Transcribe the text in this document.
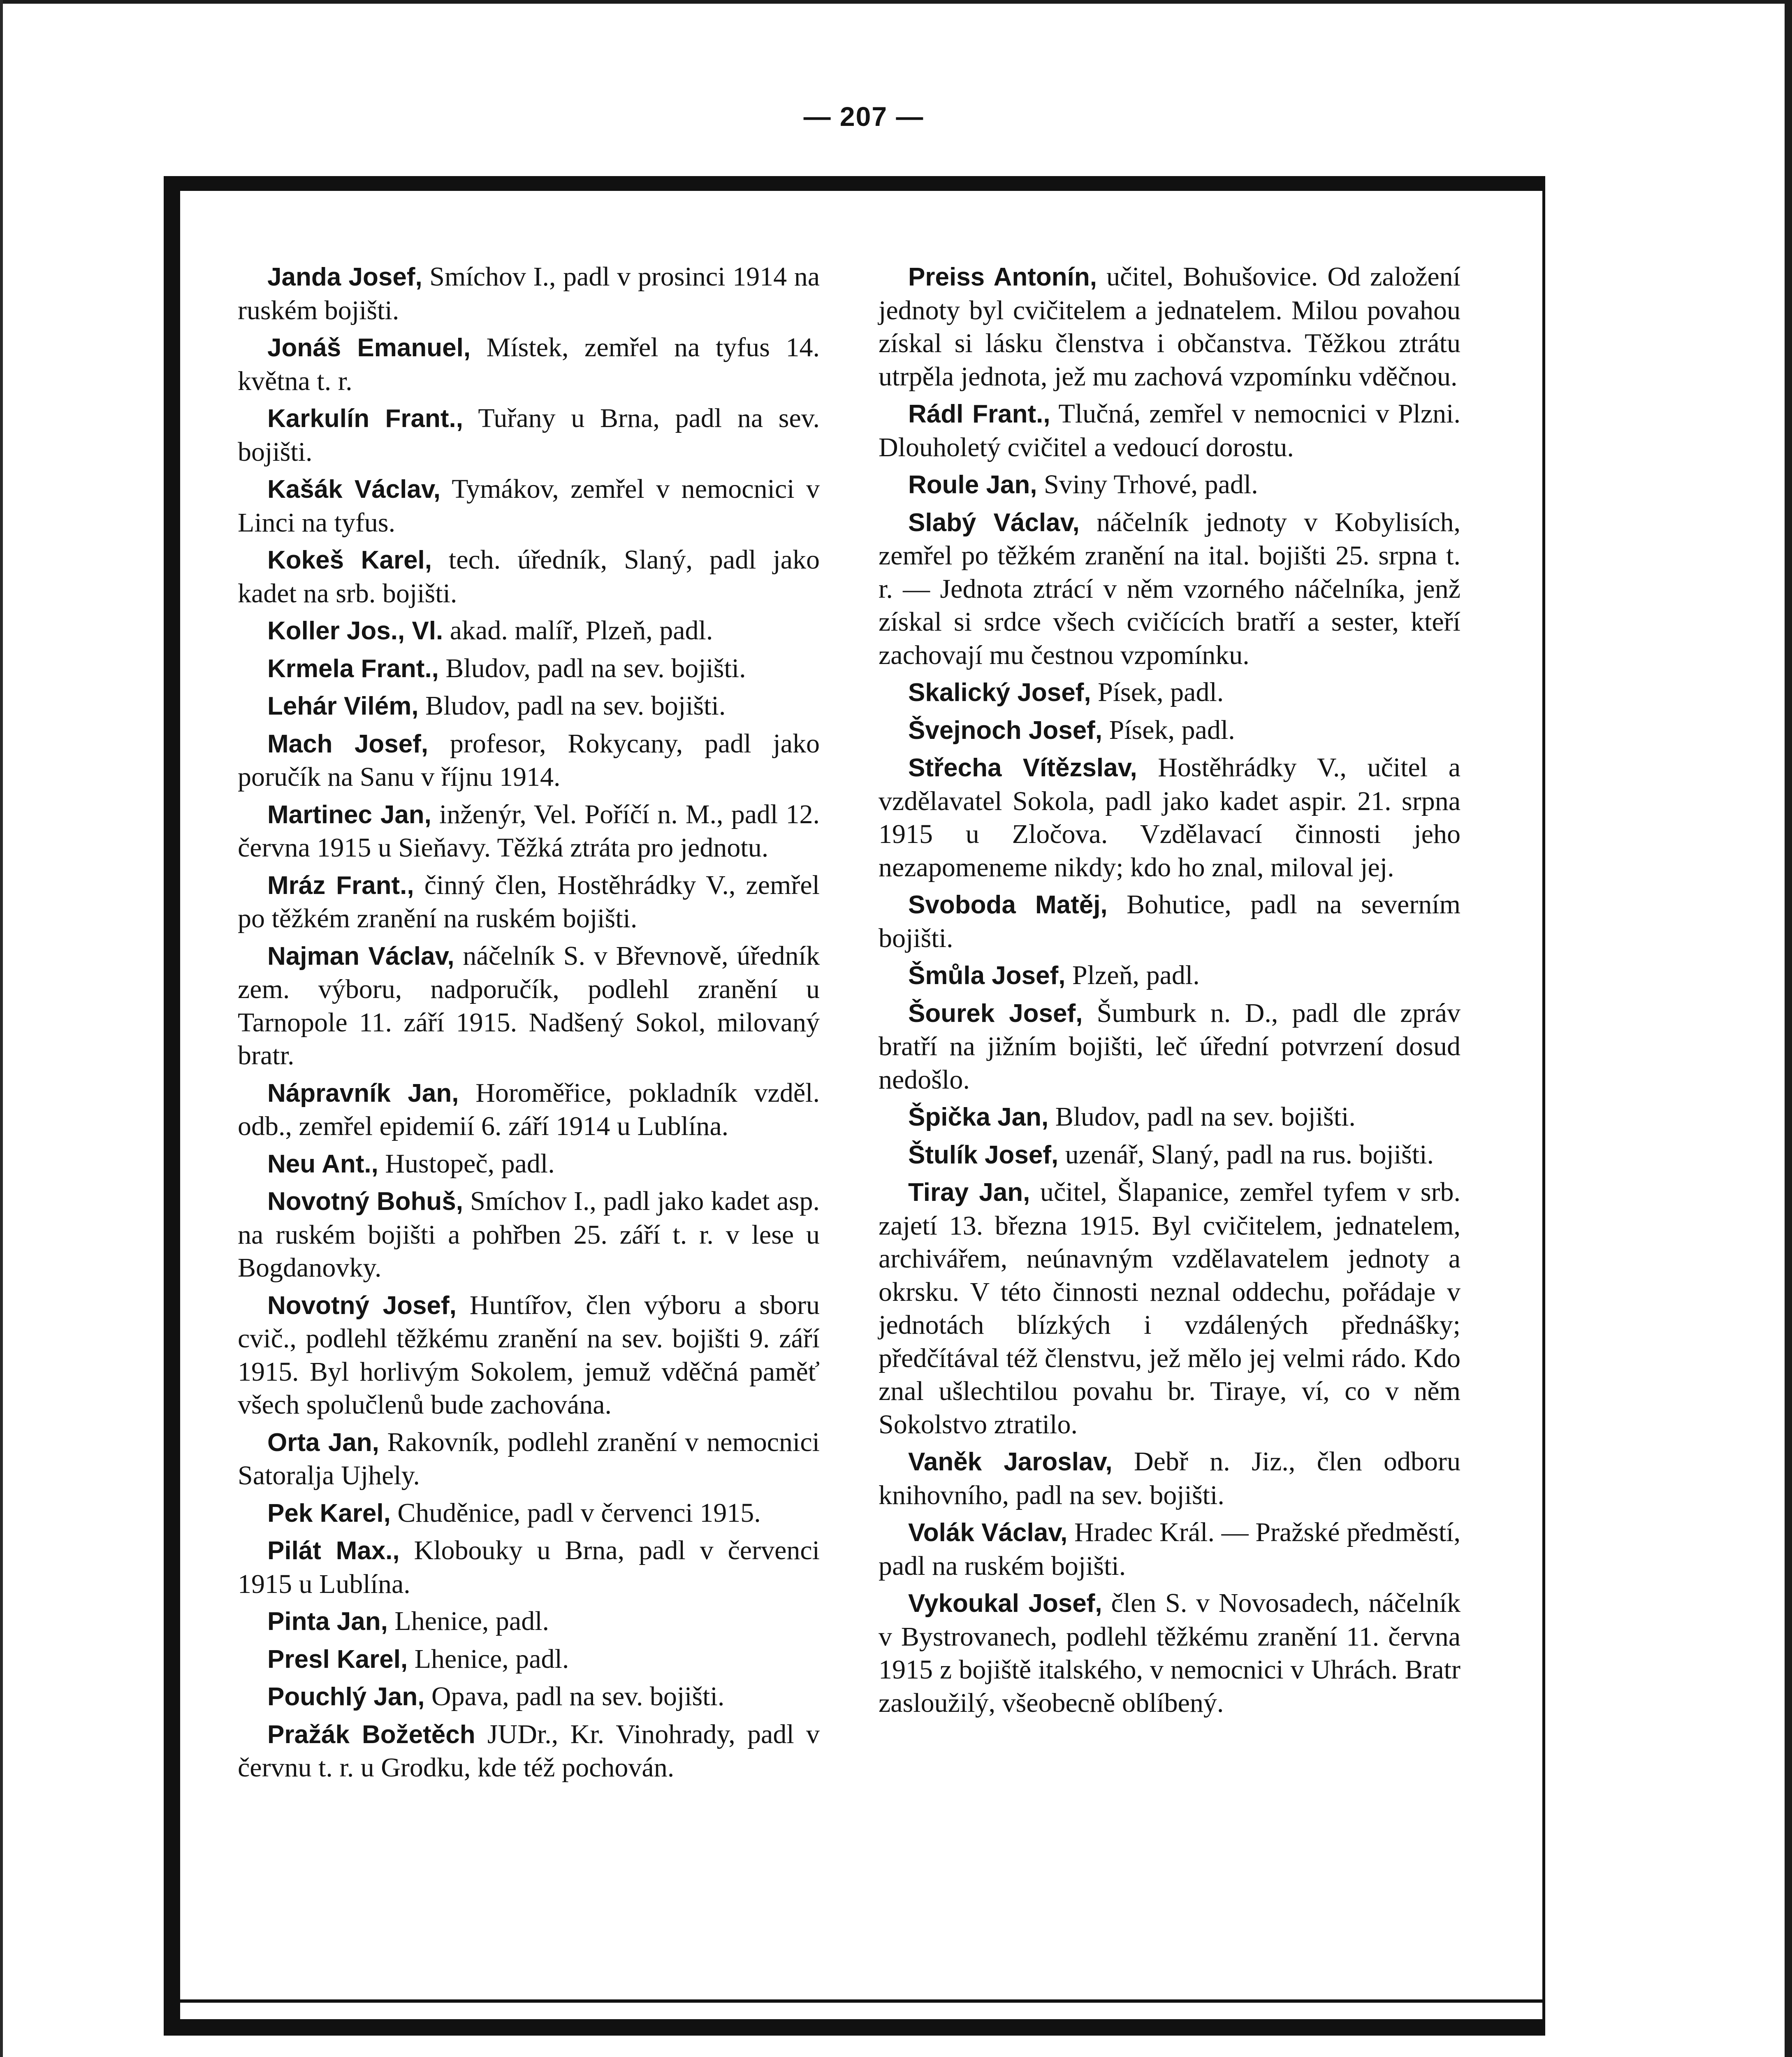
— 207 —

Janda Josef, Smíchov I., padl v prosinci 1914 na ruském bojišti.

Jonáš Emanuel, Místek, zemřel na tyfus 14. května t. r.

Karkulín Frant., Tuřany u Brna, padl na sev. bojišti.

Kašák Václav, Tymákov, zemřel v nemocnici v Linci na tyfus.

Kokeš Karel, tech. úředník, Slaný, padl jako kadet na srb. bojišti.

Koller Jos., Vl. akad. malíř, Plzeň, padl.

Krmela Frant., Bludov, padl na sev. bojišti.

Lehár Vilém, Bludov, padl na sev. bojišti.

Mach Josef, profesor, Rokycany, padl jako poručík na Sanu v říjnu 1914.

Martinec Jan, inženýr, Vel. Poříčí n. M., padl 12. června 1915 u Sieňavy. Těžká ztráta pro jednotu.

Mráz Frant., činný člen, Hostěhrádky V., zemřel po těžkém zranění na ruském bojišti.

Najman Václav, náčelník S. v Břevnově, úředník zem. výboru, nadporučík, podlehl zranění u Tarnopole 11. září 1915. Nadšený Sokol, milovaný bratr.

Nápravník Jan, Horoměřice, pokladník vzděl. odb., zemřel epidemií 6. září 1914 u Lublína.

Neu Ant., Hustopeč, padl.

Novotný Bohuš, Smíchov I., padl jako kadet asp. na ruském bojišti a pohřben 25. září t. r. v lese u Bogdanovky.

Novotný Josef, Huntířov, člen výboru a sboru cvič., podlehl těžkému zranění na sev. bojišti 9. září 1915. Byl horlivým Sokolem, jemuž vděčná paměť všech spolučlenů bude zachována.

Orta Jan, Rakovník, podlehl zranění v nemocnici Satoralja Ujhely.

Pek Karel, Chuděnice, padl v červenci 1915.

Pilát Max., Klobouky u Brna, padl v červenci 1915 u Lublína.

Pinta Jan, Lhenice, padl.

Presl Karel, Lhenice, padl.

Pouchlý Jan, Opava, padl na sev. bojišti.

Pražák Božetěch JUDr., Kr. Vinohrady, padl v červnu t. r. u Grodku, kde též pochován.

Preiss Antonín, učitel, Bohušovice. Od založení jednoty byl cvičitelem a jednatelem. Milou povahou získal si lásku členstva i občanstva. Těžkou ztrátu utrpěla jednota, jež mu zachová vzpomínku vděčnou.

Rádl Frant., Tlučná, zemřel v nemocnici v Plzni. Dlouholetý cvičitel a vedoucí dorostu.

Roule Jan, Sviny Trhové, padl.

Slabý Václav, náčelník jednoty v Kobylisích, zemřel po těžkém zranění na ital. bojišti 25. srpna t. r. — Jednota ztrácí v něm vzorného náčelníka, jenž získal si srdce všech cvičících bratří a sester, kteří zachovají mu čestnou vzpomínku.

Skalický Josef, Písek, padl.

Švejnoch Josef, Písek, padl.

Střecha Vítězslav, Hostěhrádky V., učitel a vzdělavatel Sokola, padl jako kadet aspir. 21. srpna 1915 u Zločova. Vzdělavací činnosti jeho nezapomeneme nikdy; kdo ho znal, miloval jej.

Svoboda Matěj, Bohutice, padl na severním bojišti.

Šmůla Josef, Plzeň, padl.

Šourek Josef, Šumburk n. D., padl dle zpráv bratří na jižním bojišti, leč úřední potvrzení dosud nedošlo.

Špička Jan, Bludov, padl na sev. bojišti.

Štulík Josef, uzenář, Slaný, padl na rus. bojišti.

Tiray Jan, učitel, Šlapanice, zemřel tyfem v srb. zajetí 13. března 1915. Byl cvičitelem, jednatelem, archivářem, neúnavným vzdělavatelem jednoty a okrsku. V této činnosti neznal oddechu, pořádaje v jednotách blízkých i vzdálených přednášky; předčítával též členstvu, jež mělo jej velmi rádo. Kdo znal ušlechtilou povahu br. Tiraye, ví, co v něm Sokolstvo ztratilo.

Vaněk Jaroslav, Debř n. Jiz., člen odboru knihovního, padl na sev. bojišti.

Volák Václav, Hradec Král. — Pražské předměstí, padl na ruském bojišti.

Vykoukal Josef, člen S. v Novosadech, náčelník v Bystrovanech, podlehl těžkému zranění 11. června 1915 z bojiště italského, v nemocnici v Uhrách. Bratr zasloužilý, všeobecně oblíbený.
